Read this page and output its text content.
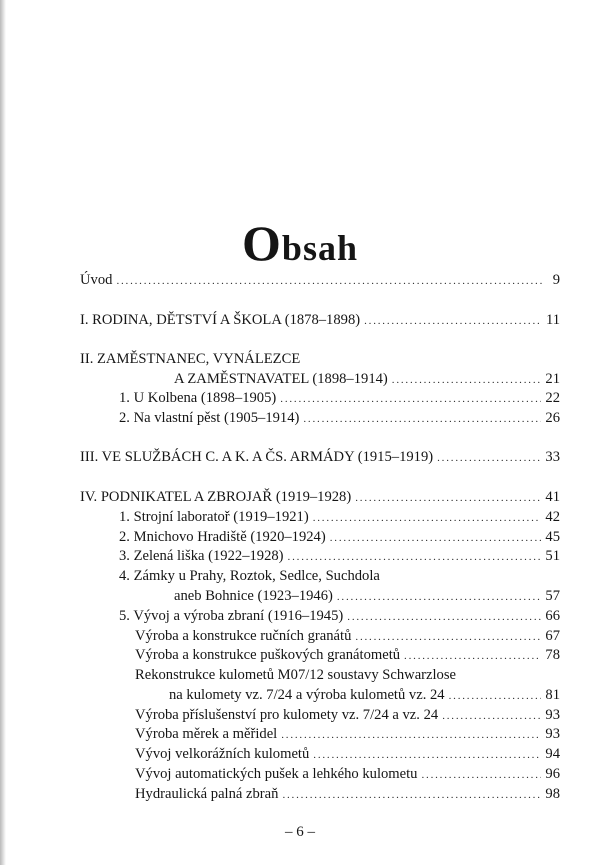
Obsah
Úvod .....	9
I. RODINA, DĚTSTVÍ A ŠKOLA (1878–1898) .....	11
II. ZAMĚSTNANEC, VYNÁLEZCE
A ZAMĚSTNAVATEL (1898–1914) .....	21
1. U Kolbena (1898–1905) .....	22
2. Na vlastní pěst (1905–1914) .....	26
III. VE SLUŽBÁCH C. A K. A ČS. ARMÁDY (1915–1919) .....	33
IV. PODNIKATEL A ZBROJAŘ (1919–1928) .....	41
1. Strojní laboratoř (1919–1921) .....	42
2. Mnichovo Hradiště (1920–1924) .....	45
3. Zelená liška (1922–1928) .....	51
4. Zámky u Prahy, Roztok, Sedlce, Suchdola
aneb Bohnice (1923–1946) .....	57
5. Vývoj a výroba zbraní (1916–1945) .....	66
Výroba a konstrukce ručních granátů .....	67
Výroba a konstrukce puškových granátometů .....	78
Rekonstrukce kulometů M07/12 soustavy Schwarzlose
na kulomety vz. 7/24 a výroba kulometů vz. 24 .....	81
Výroba příslušenství pro kulomety vz. 7/24 a vz. 24 .....	93
Výroba měrek a měřidel .....	93
Vývoj velkorážních kulometů .....	94
Vývoj automatických pušek a lehkého kulometu .....	96
Hydraulická palná zbraň .....	98
– 6 –
